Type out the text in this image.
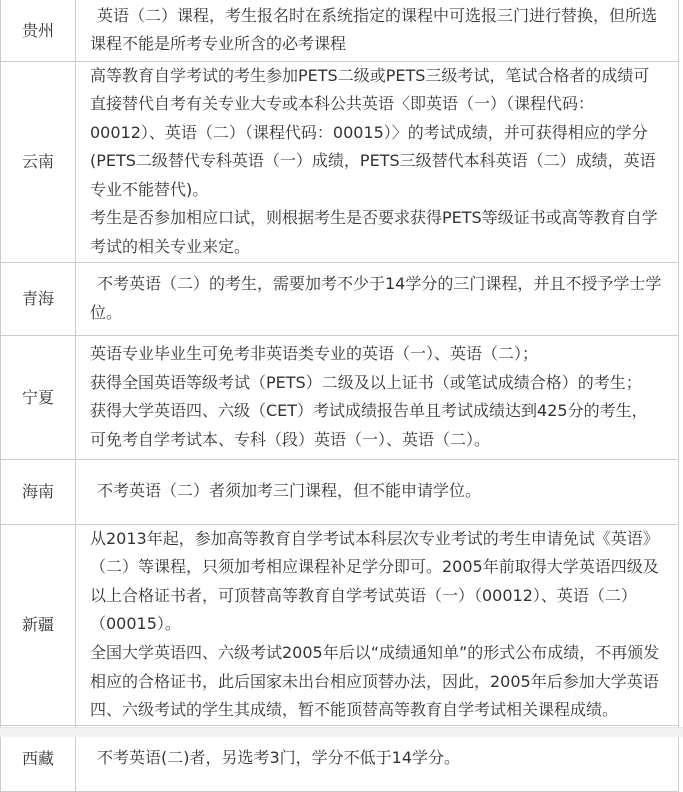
贵州	英语（二）课程，考生报名时在系统指定的课程中可选报三门进行替换，但所选课程不能是所考专业所含的必考课程

云南	高等教育自学考试的考生参加PETS二级或PETS三级考试，笔试合格者的成绩可直接替代自考有关专业大专或本科公共英语〈即英语（一）（课程代码：00012）、英语（二）（课程代码：00015）〉的考试成绩，并可获得相应的学分(PETS二级替代专科英语（一）成绩，PETS三级替代本科英语（二）成绩，英语专业不能替代)。

考生是否参加相应口试，则根据考生是否要求获得PETS等级证书或高等教育自学考试的相关专业来定。

青海	不考英语（二）的考生，需要加考不少于14学分的三门课程，并且不授予学士学位。

宁夏	英语专业毕业生可免考非英语类专业的英语（一）、英语（二）；

获得全国英语等级考试（PETS）二级及以上证书（或笔试成绩合格）的考生；

获得大学英语四、六级（CET）考试成绩报告单且考试成绩达到425分的考生，可免考自学考试本、专科（段）英语（一）、英语（二）。

海南	不考英语（二）者须加考三门课程，但不能申请学位。

新疆	从2013年起，参加高等教育自学考试本科层次专业考试的考生申请免试《英语》（二）等课程，只须加考相应课程补足学分即可。2005年前取得大学英语四级及以上合格证书者，可顶替高等教育自学考试英语（一）（00012）、英语（二）（00015）。

全国大学英语四、六级考试2005年后以“成绩通知单”的形式公布成绩，不再颁发相应的合格证书，此后国家未出台相应顶替办法，因此，2005年后参加大学英语四、六级考试的学生其成绩，暂不能顶替高等教育自学考试相关课程成绩。

西藏	不考英语(二)者，另选考3门，学分不低于14学分。
